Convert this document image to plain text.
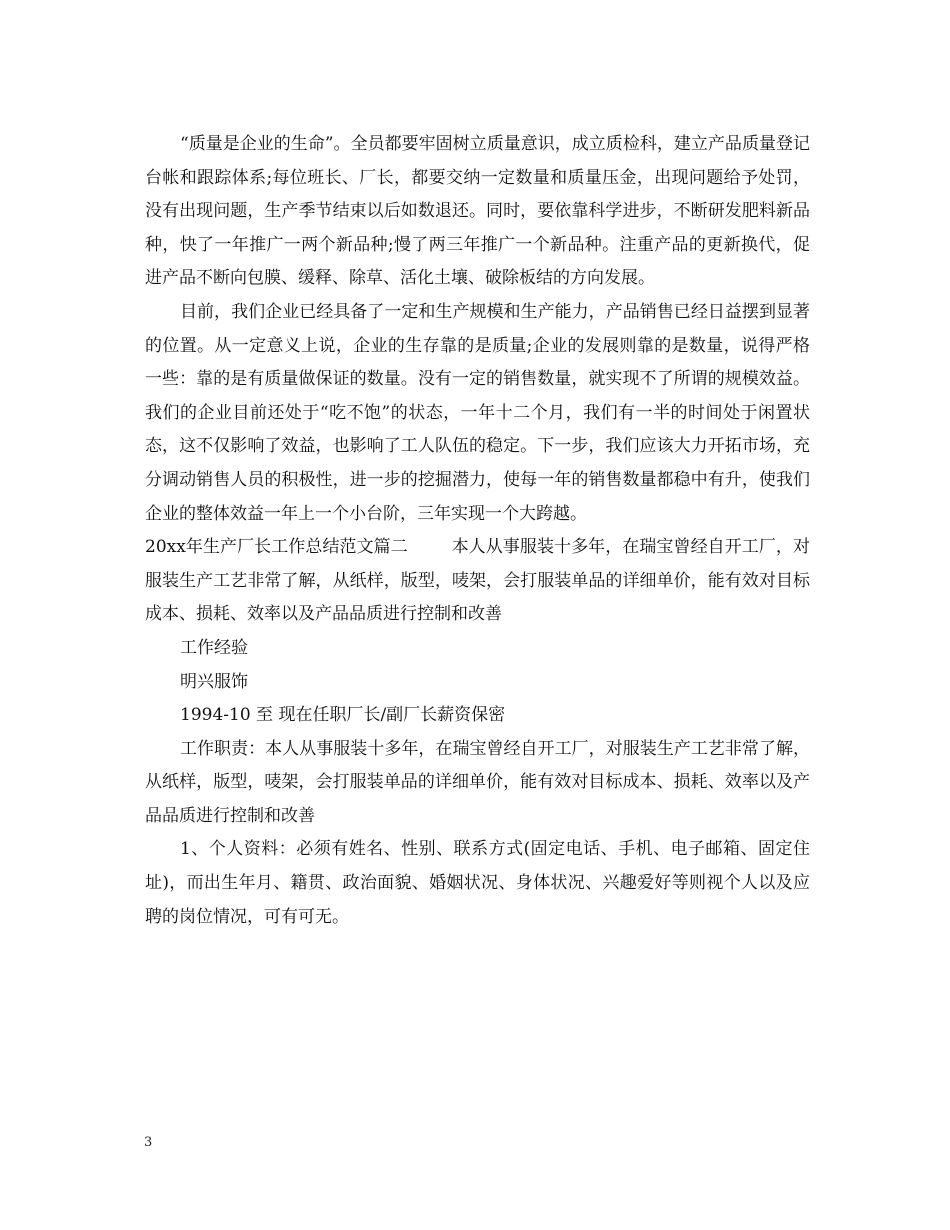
“质量是企业的生命”。全员都要牢固树立质量意识，成立质检科，建立产品质量登记台帐和跟踪体系;每位班长、厂长，都要交纳一定数量和质量压金，出现问题给予处罚，没有出现问题，生产季节结束以后如数退还。同时，要依靠科学进步，不断研发肥料新品种，快了一年推广一两个新品种;慢了两三年推广一个新品种。注重产品的更新换代，促进产品不断向包膜、缓释、除草、活化土壤、破除板结的方向发展。

目前，我们企业已经具备了一定和生产规模和生产能力，产品销售已经日益摆到显著的位置。从一定意义上说，企业的生存靠的是质量;企业的发展则靠的是数量，说得严格一些：靠的是有质量做保证的数量。没有一定的销售数量，就实现不了所谓的规模效益。我们的企业目前还处于“吃不饱”的状态，一年十二个月，我们有一半的时间处于闲置状态，这不仅影响了效益，也影响了工人队伍的稳定。下一步，我们应该大力开拓市场，充分调动销售人员的积极性，进一步的挖掘潜力，使每一年的销售数量都稳中有升，使我们企业的整体效益一年上一个小台阶，三年实现一个大跨越。

20xx年生产厂长工作总结范文篇二	本人从事服装十多年，在瑞宝曾经自开工厂，对服装生产工艺非常了解，从纸样，版型，唛架，会打服装单品的详细单价，能有效对目标成本、损耗、效率以及产品品质进行控制和改善

工作经验

明兴服饰

1994-10 至 现在任职厂长/副厂长薪资保密

工作职责：本人从事服装十多年，在瑞宝曾经自开工厂，对服装生产工艺非常了解，从纸样，版型，唛架，会打服装单品的详细单价，能有效对目标成本、损耗、效率以及产品品质进行控制和改善

1、个人资料：必须有姓名、性别、联系方式(固定电话、手机、电子邮箱、固定住址)，而出生年月、籍贯、政治面貌、婚姻状况、身体状况、兴趣爱好等则视个人以及应聘的岗位情况，可有可无。

3
